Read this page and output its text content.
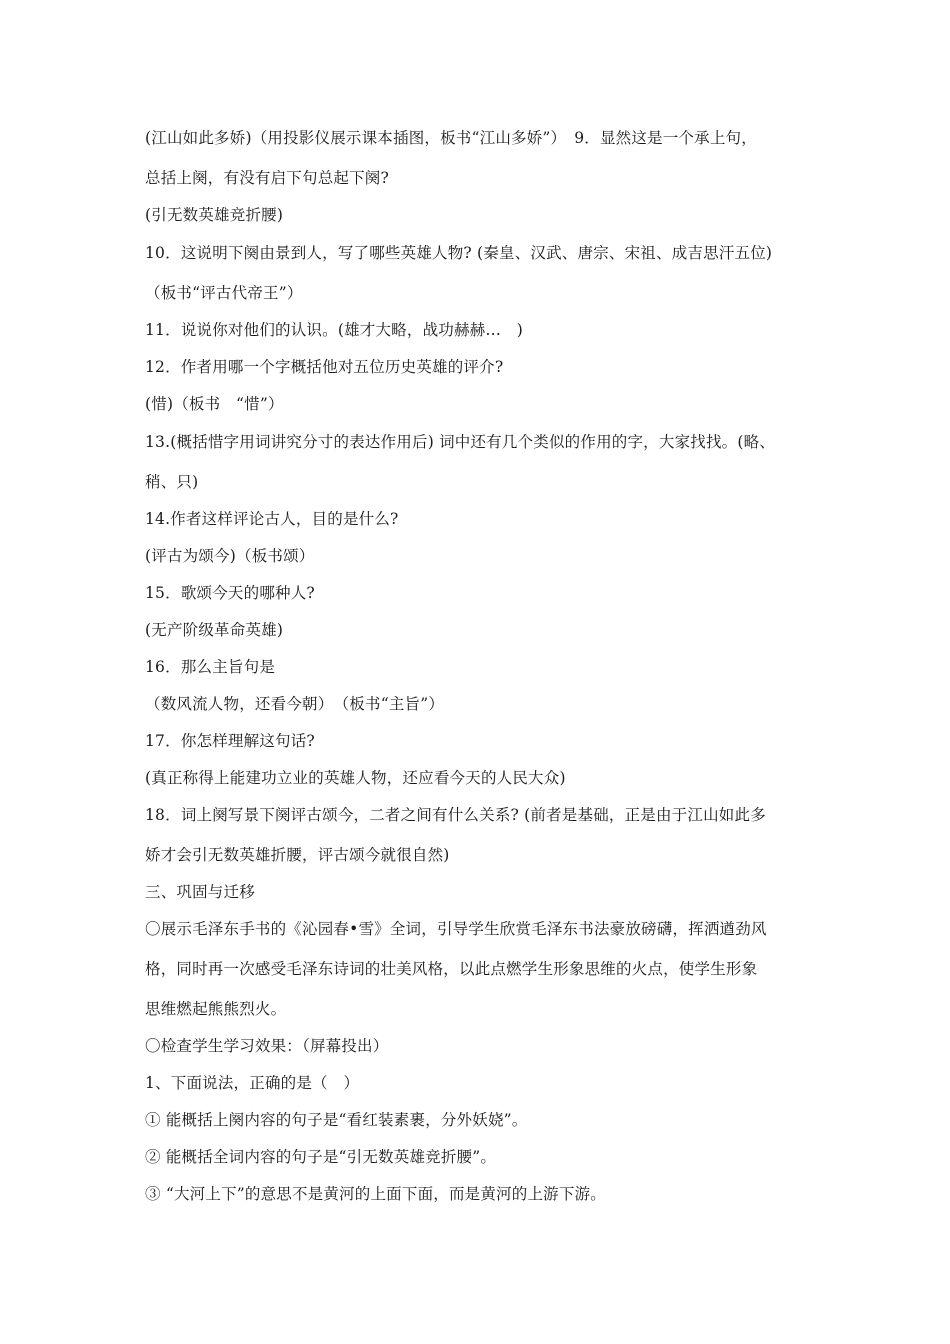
(江山如此多娇)（用投影仪展示课本插图，板书“江山多娇”）　9．显然这是一个承上句，
总括上阕，有没有启下句总起下阕?
(引无数英雄竞折腰)
10．这说明下阕由景到人，写了哪些英雄人物? (秦皇、汉武、唐宗、宋祖、成吉思汗五位)
（板书“评古代帝王”）
11．说说你对他们的认识。(雄才大略，战功赫赫…　)
12．作者用哪一个字概括他对五位历史英雄的评介?
(惜)（板书　“惜”）
13.(概括惜字用词讲究分寸的表达作用后) 词中还有几个类似的作用的字，大家找找。(略、
稍、只)
14.作者这样评论古人，目的是什么?
(评古为颂今)（板书颂）
15．歌颂今天的哪种人?
(无产阶级革命英雄)
16．那么主旨句是
（数风流人物，还看今朝）　（板书“主旨”）
17．你怎样理解这句话?
(真正称得上能建功立业的英雄人物，还应看今天的人民大众)
18．词上阕写景下阕评古颂今，二者之间有什么关系? (前者是基础，正是由于江山如此多
娇才会引无数英雄折腰，评古颂今就很自然)
三、巩固与迁移
〇展示毛泽东手书的《沁园春•雪》全词，引导学生欣赏毛泽东书法豪放磅礴，挥洒遒劲风
格，同时再一次感受毛泽东诗词的壮美风格，以此点燃学生形象思维的火点，使学生形象
思维燃起熊熊烈火。
〇检查学生学习效果：（屏幕投出）
1、下面说法，正确的是（　）
① 能概括上阕内容的句子是“看红装素裹，分外妖娆”。
② 能概括全词内容的句子是“引无数英雄竞折腰”。
③ “大河上下”的意思不是黄河的上面下面，而是黄河的上游下游。
